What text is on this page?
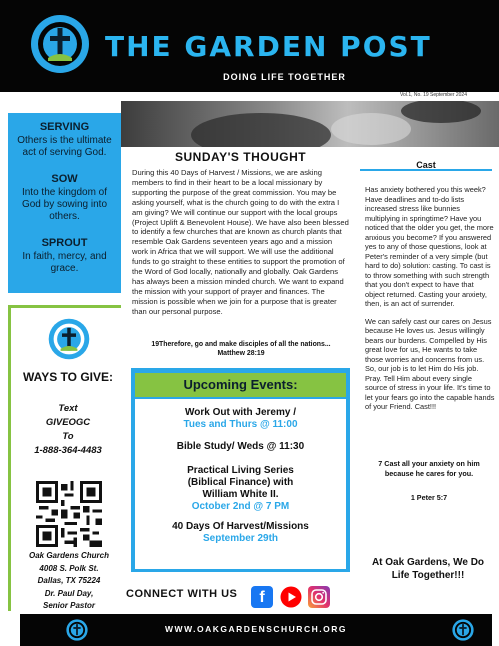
THE GARDEN POST
DOING LIFE TOGETHER
Vol.1, No. 19 September 2024
SERVING
Others is the ultimate act of serving God.
SOW
Into the kingdom of God by sowing into others.
SPROUT
In faith, mercy, and grace.
SUNDAY'S THOUGHT
During this 40 Days of Harvest / Missions, we are asking members to find in their heart to be a local missionary by supporting the purpose of the great commission. You may be asking yourself, what is the church going to do with the extra I am giving? We will continue our support with the local groups (Project Uplift & Benevolent House). We have also been blessed to identify a few churches that are known as church plants that resemble Oak Gardens seventeen years ago and a mission work in Africa that we will support. We will use the additional funds to go straight to these entities to support the promotion of the Word of God locally, nationally and globally. Oak Gardens has always been a mission minded church. We want to expand the mission with your support of prayer and finances. The mission is possible when we join for a purpose that is greater than our personal purpose.
19Therefore, go and make disciples of all the nations...
Matthew 28:19
Cast

Has anxiety bothered you this week? Have deadlines and to-do lists increased stress like bunnies multiplying in springtime? Have you noticed that the older you get, the more anxious you become? If you answered yes to any of those questions, look at Peter's reminder of a very simple (but hard to do) solution: casting. To cast is to throw something with such strength that you don't expect to have that object returned. Casting your anxiety, then, is an act of surrender.

We can safely cast our cares on Jesus because He loves us. Jesus willingly bears our burdens. Compelled by His great love for us, He wants to take those worries and concerns from us. So, our job is to let Him do His job. Pray. Tell Him about every single source of stress in your life. It's time to let your fears go into the capable hands of your Friend. Cast!!!

7 Cast all your anxiety on him because he cares for you.
1 Peter 5:7
At Oak Gardens, We Do Life Together!!!
WAYS TO GIVE:
Text
GIVEOGC
To
1-888-364-4483
Oak Gardens Church
4008 S. Polk St.
Dallas, TX 75224
Dr. Paul Day,
Senior Pastor
Upcoming Events:
Work Out with Jeremy /
Tues and Thurs @ 11:00
Bible Study/ Weds @ 11:30
Practical Living Series (Biblical Finance) with William White II.
October 2nd @ 7 PM
40 Days Of Harvest/Missions
September 29th
CONNECT WITH US	f
WWW.OAKGARDENSCHURCH.ORG
